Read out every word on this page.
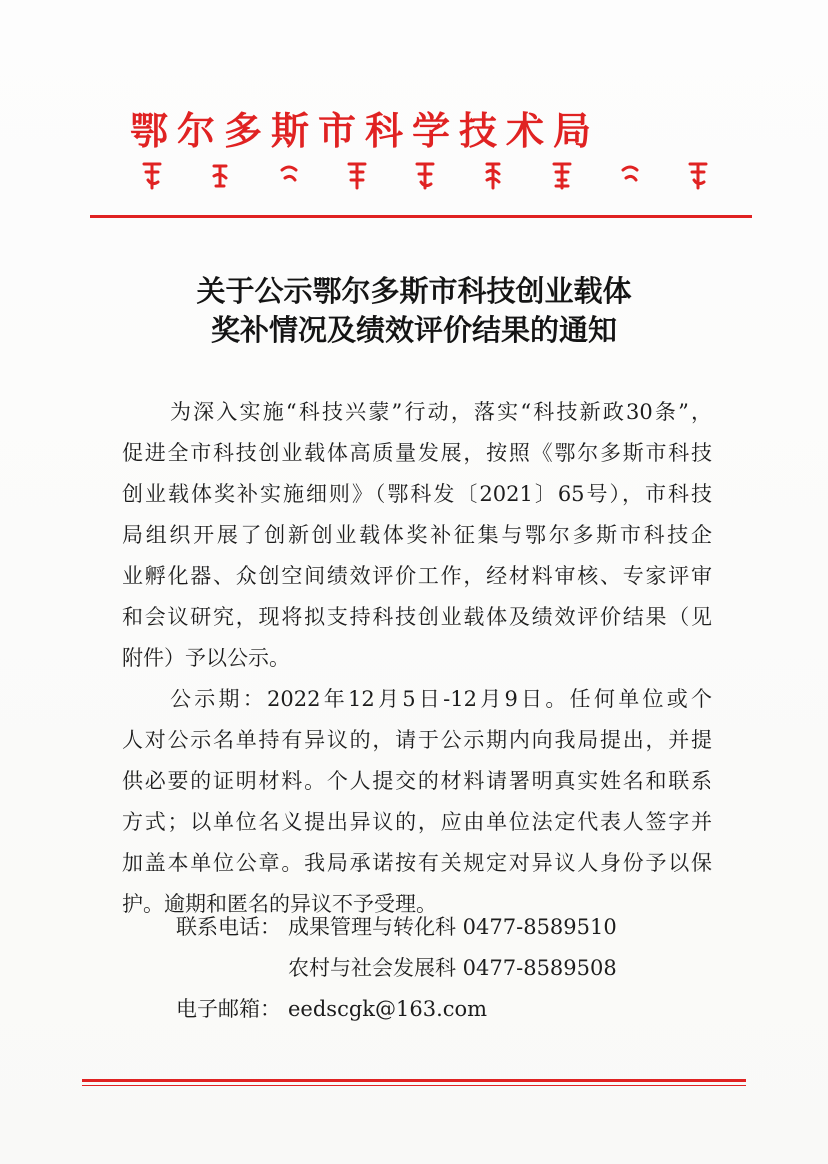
鄂尔多斯市科学技术局
关于公示鄂尔多斯市科技创业载体
奖补情况及绩效评价结果的通知
为深入实施“科技兴蒙”行动，落实“科技新政30条”，
促进全市科技创业载体高质量发展，按照《鄂尔多斯市科技
创业载体奖补实施细则》（鄂科发〔2021〕65号），市科技
局组织开展了创新创业载体奖补征集与鄂尔多斯市科技企
业孵化器、众创空间绩效评价工作，经材料审核、专家评审
和会议研究，现将拟支持科技创业载体及绩效评价结果（见
附件）予以公示。
公示期：2022年12月5日-12月9日。任何单位或个
人对公示名单持有异议的，请于公示期内向我局提出，并提
供必要的证明材料。个人提交的材料请署明真实姓名和联系
方式；以单位名义提出异议的，应由单位法定代表人签字并
加盖本单位公章。我局承诺按有关规定对异议人身份予以保
护。逾期和匿名的异议不予受理。
联系电话： 成果管理与转化科 0477-8589510
农村与社会发展科 0477-8589508
电子邮箱： eedscgk@163.com
